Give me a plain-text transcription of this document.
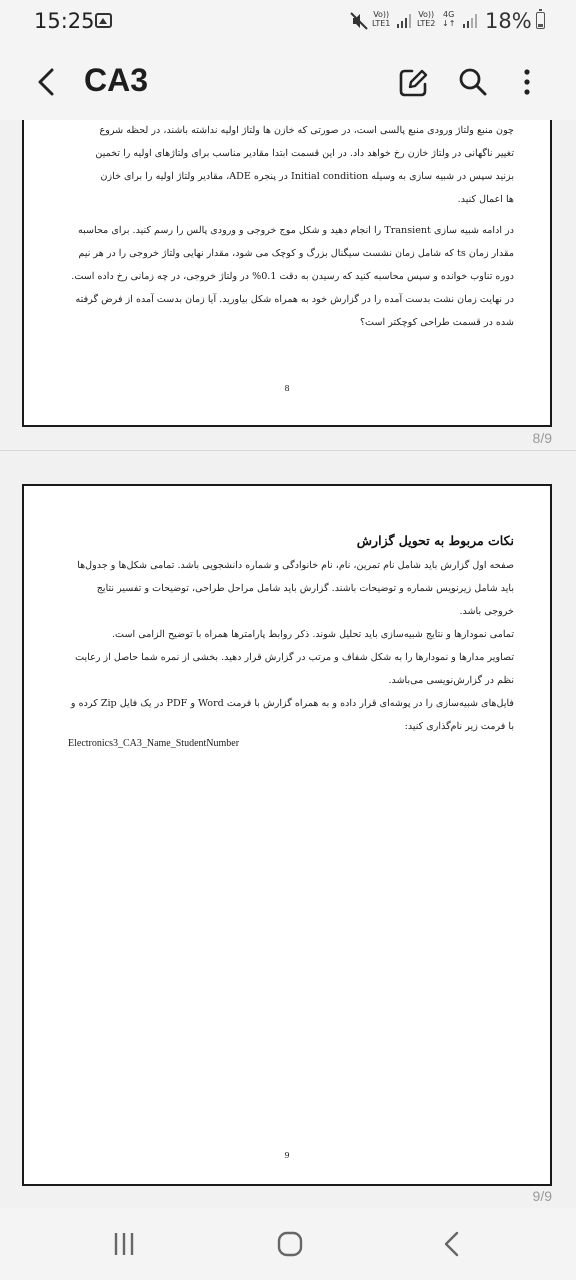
15:25	Vo))
LTE1
Vo))
LTE2
4G
↓↑ 18%
CA3
چون منبع ولتاژ ورودی منبع پالسی است، در صورتی که خازن ها ولتاژ اولیه نداشته باشند، در لحظه شروع
تغییر ناگهانی در ولتاژ خازن رخ خواهد داد. در این قسمت ابتدا مقادیر مناسب برای ولتاژهای اولیه را تخمین
بزنید سپس در شبیه سازی به وسیله Initial condition در پنجره ADE، مقادیر ولتاژ اولیه را برای خازن
ها اعمال کنید.
در ادامه شبیه سازی Transient را انجام دهید و شکل موج خروجی و ورودی پالس را رسم کنید. برای محاسبه
مقدار زمان ts که شامل زمان نشست سیگنال بزرگ و کوچک می شود، مقدار نهایی ولتاژ خروجی را در هر نیم
دوره تناوب خوانده و سپس محاسبه کنید که رسیدن به دقت 0.1% در ولتاژ خروجی، در چه زمانی رخ داده است.
در نهایت زمان نشت بدست آمده را در گزارش خود به همراه شکل بیاورید. آیا زمان بدست آمده از فرض گرفته
شده در قسمت طراحی کوچکتر است؟
8
8/9
نکات مربوط به تحویل گزارش
صفحه اول گزارش باید شامل نام تمرین، نام، نام خانوادگی و شماره دانشجویی باشد. تمامی شکل‌ها و جدول‌ها
باید شامل زیرنویس شماره و توضیحات باشند. گزارش باید شامل مراحل طراحی، توضیحات و تفسیر نتایج
خروجی باشد.
تمامی نمودارها و نتایج شبیه‌سازی باید تحلیل شوند. ذکر روابط پارامترها همراه با توضیح الزامی است.
تصاویر مدارها و نمودارها را به شکل شفاف و مرتب در گزارش قرار دهید. بخشی از نمره شما حاصل از رعایت
نظم در گزارش‌نویسی می‌باشد.
فایل‌های شبیه‌سازی را در پوشه‌ای قرار داده و به همراه گزارش با فرمت Word و PDF در یک فایل Zip کرده و
با فرمت زیر نام‌گذاری کنید:
Electronics3_CA3_Name_StudentNumber
9
9/9
